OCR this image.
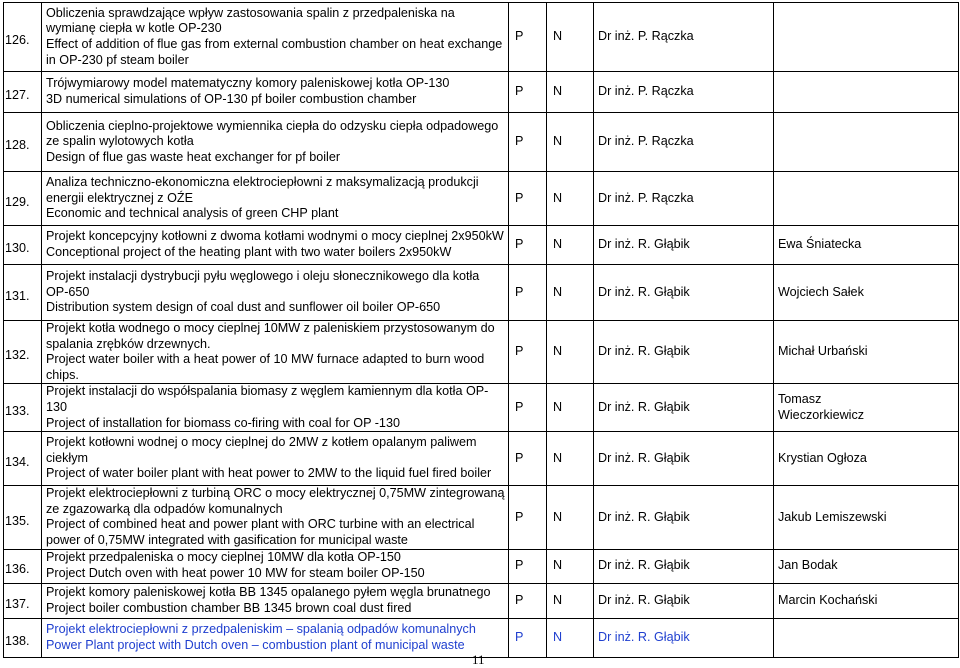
126.	Obliczenia sprawdzające wpływ zastosowania spalin z przedpaleniska na wymianę ciepła w kotle OP-230
Effect of addition of flue gas from external combustion chamber on heat exchange in OP-230 pf steam boiler	P	N	Dr inż. P. Rączka	
127.	Trójwymiarowy model matematyczny komory paleniskowej kotła OP-130
3D numerical simulations of OP-130 pf boiler combustion chamber	P	N	Dr inż. P. Rączka	
128.	Obliczenia cieplno-projektowe wymiennika ciepła do odzysku ciepła odpadowego ze spalin wylotowych kotła
Design of flue gas waste heat exchanger for pf boiler	P	N	Dr inż. P. Rączka	
129.	Analiza techniczno-ekonomiczna elektrociepłowni z maksymalizacją produkcji energii elektrycznej z OŹE
Economic and technical analysis of green CHP plant	P	N	Dr inż. P. Rączka	
130.	Projekt koncepcyjny kotłowni z dwoma kotłami wodnymi o mocy cieplnej 2x950kW
Conceptional project of the heating plant with two water boilers 2x950kW	P	N	Dr inż. R. Głąbik	Ewa Śniatecka
131.	Projekt instalacji dystrybucji pyłu węglowego i oleju słonecznikowego dla kotła OP-650
Distribution system design of coal dust and sunflower oil boiler OP-650	P	N	Dr inż. R. Głąbik	Wojciech Sałek
132.	Projekt kotła wodnego o mocy cieplnej 10MW z paleniskiem przystosowanym do spalania zrębków drzewnych.
Project water boiler with a heat power of 10 MW furnace adapted to burn wood chips.	P	N	Dr inż. R. Głąbik	Michał Urbański
133.	Projekt instalacji do współspalania biomasy z węglem kamiennym dla kotła OP-130
Project of installation for biomass co-firing with coal for OP -130	P	N	Dr inż. R. Głąbik	Tomasz Wieczorkiewicz
134.	Projekt kotłowni wodnej o mocy cieplnej do 2MW z kotłem opalanym paliwem ciekłym
Project of water boiler plant with heat power to 2MW to the liquid fuel fired boiler	P	N	Dr inż. R. Głąbik	Krystian Ogłoza
135.	Projekt elektrociepłowni z turbiną ORC o mocy elektrycznej 0,75MW zintegrowaną ze zgazowarką dla odpadów komunalnych
Project of combined heat and power plant with ORC turbine with an electrical power of 0,75MW integrated with gasification for municipal waste	P	N	Dr inż. R. Głąbik	Jakub Lemiszewski
136.	Projekt przedpaleniska o mocy cieplnej 10MW dla kotła OP-150
Project Dutch oven with heat power 10 MW for steam boiler OP-150	P	N	Dr inż. R. Głąbik	Jan Bodak
137.	Projekt komory paleniskowej kotła BB 1345 opalanego pyłem węgla brunatnego
Project boiler combustion chamber BB 1345 brown coal dust fired	P	N	Dr inż. R. Głąbik	Marcin Kochański
138.	Projekt elektrociepłowni z przedpaleniskim – spalanią odpadów komunalnych
Power Plant project with Dutch oven – combustion plant of municipal waste	P	N	Dr inż. R. Głąbik	
11
